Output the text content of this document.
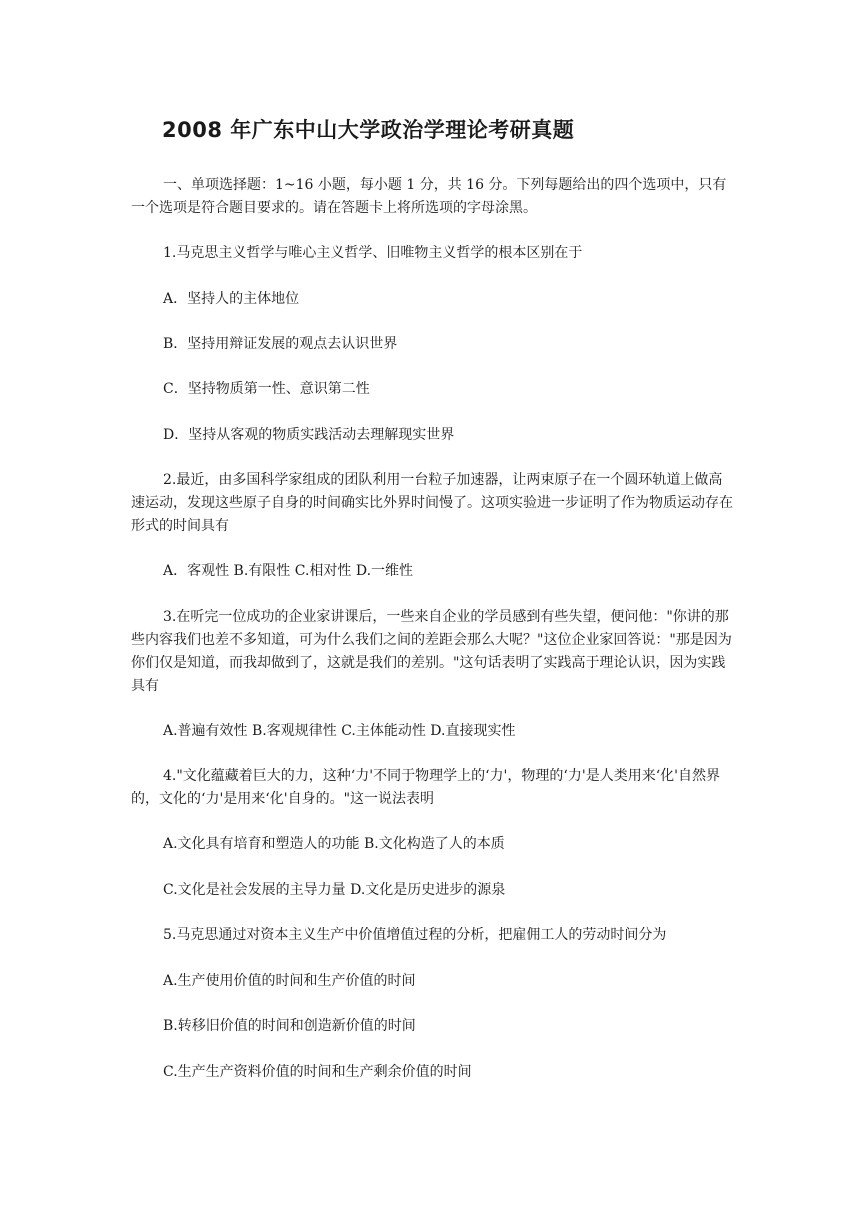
2008 年广东中山大学政治学理论考研真题
一、单项选择题：1~16 小题，每小题 1 分，共 16 分。下列每题给出的四个选项中，只有一个选项是符合题目要求的。请在答题卡上将所选项的字母涂黑。
1.马克思主义哲学与唯心主义哲学、旧唯物主义哲学的根本区别在于
A．坚持人的主体地位
B．坚持用辩证发展的观点去认识世界
C．坚持物质第一性、意识第二性
D．坚持从客观的物质实践活动去理解现实世界
2.最近，由多国科学家组成的团队利用一台粒子加速器，让两束原子在一个圆环轨道上做高速运动，发现这些原子自身的时间确实比外界时间慢了。这项实验进一步证明了作为物质运动存在形式的时间具有
A．客观性 B.有限性 C.相对性 D.一维性
3.在听完一位成功的企业家讲课后，一些来自企业的学员感到有些失望，便问他："你讲的那些内容我们也差不多知道，可为什么我们之间的差距会那么大呢？"这位企业家回答说："那是因为你们仅是知道，而我却做到了，这就是我们的差别。"这句话表明了实践高于理论认识，因为实践具有
A.普遍有效性 B.客观规律性 C.主体能动性 D.直接现实性
4."文化蕴藏着巨大的力，这种‘力'不同于物理学上的‘力'，物理的‘力'是人类用来‘化'自然界的，文化的‘力'是用来‘化'自身的。"这一说法表明
A.文化具有培育和塑造人的功能 B.文化构造了人的本质
C.文化是社会发展的主导力量 D.文化是历史进步的源泉
5.马克思通过对资本主义生产中价值增值过程的分析，把雇佣工人的劳动时间分为
A.生产使用价值的时间和生产价值的时间
B.转移旧价值的时间和创造新价值的时间
C.生产生产资料价值的时间和生产剩余价值的时间
